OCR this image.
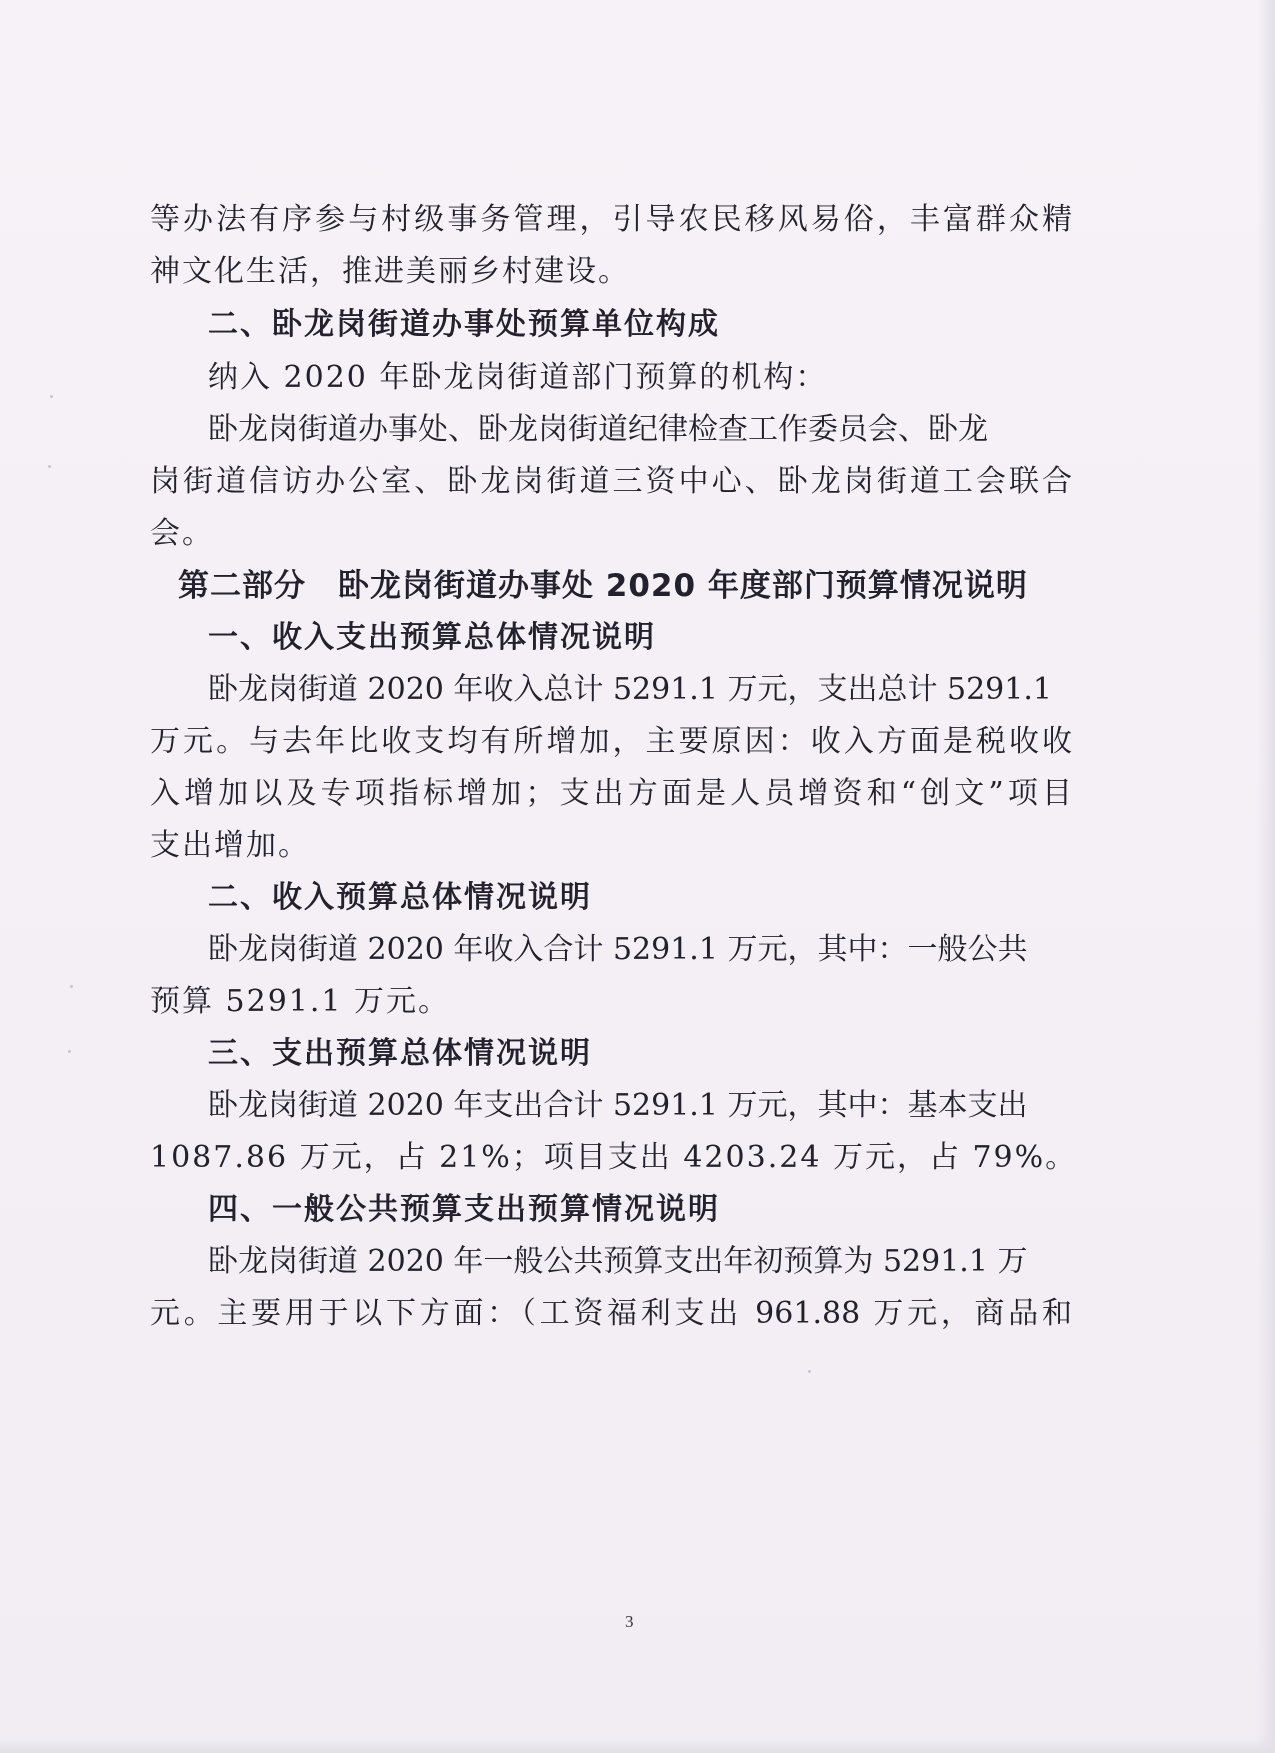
等办法有序参与村级事务管理，引导农民移风易俗，丰富群众精
神文化生活，推进美丽乡村建设。
二、卧龙岗街道办事处预算单位构成
纳入 2020 年卧龙岗街道部门预算的机构：
卧龙岗街道办事处、卧龙岗街道纪律检查工作委员会、卧龙
岗街道信访办公室、卧龙岗街道三资中心、卧龙岗街道工会联合
会。
第二部分　卧龙岗街道办事处 2020 年度部门预算情况说明
一、收入支出预算总体情况说明
卧龙岗街道 2020 年收入总计 5291.1 万元，支出总计 5291.1
万元。与去年比收支均有所增加，主要原因：收入方面是税收收
入增加以及专项指标增加；支出方面是人员增资和“创文”项目
支出增加。
二、收入预算总体情况说明
卧龙岗街道 2020 年收入合计 5291.1 万元，其中：一般公共
预算 5291.1 万元。
三、支出预算总体情况说明
卧龙岗街道 2020 年支出合计 5291.1 万元，其中：基本支出
1087.86 万元，占 21%；项目支出 4203.24 万元，占 79%。
四、一般公共预算支出预算情况说明
卧龙岗街道 2020 年一般公共预算支出年初预算为 5291.1 万
元。主要用于以下方面：（工资福利支出 961.88 万元，商品和
3
